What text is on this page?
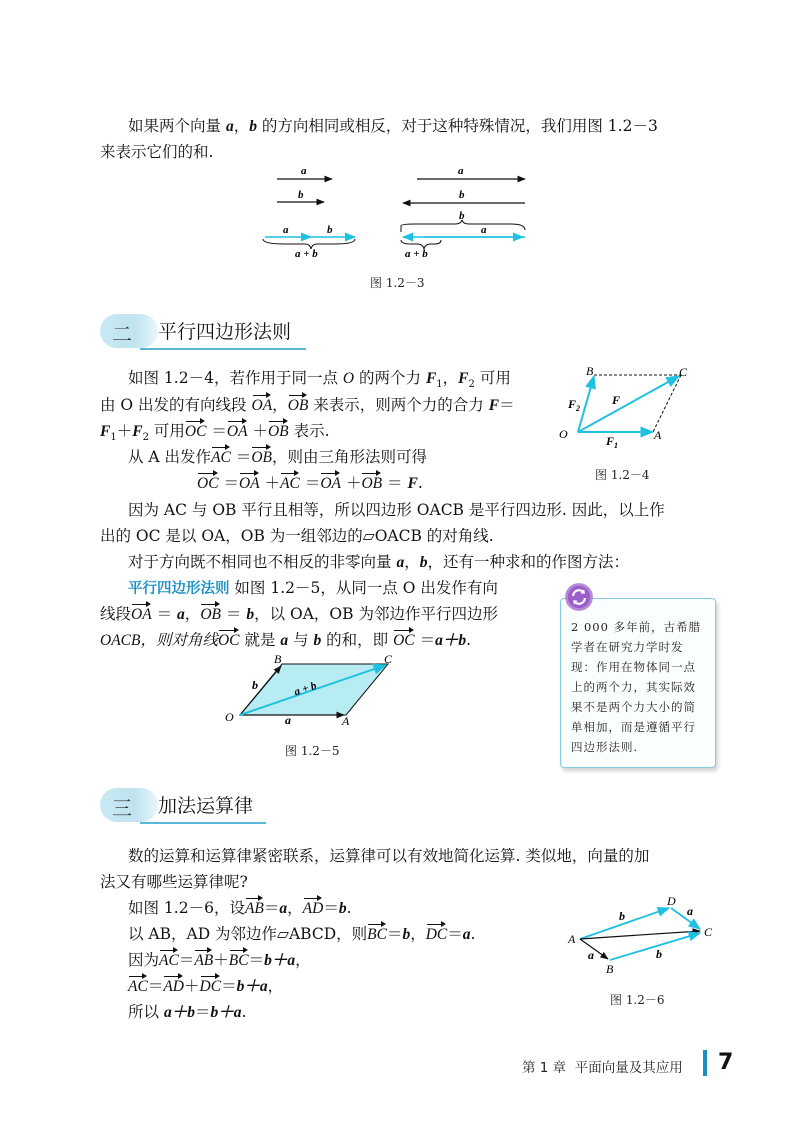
如果两个向量 a，b 的方向相同或相反，对于这种特殊情况，我们用图 1.2－3
来表示它们的和.
a
b
a	b
a + b
a
b
b
a
a + b
图 1.2－3
二 平行四边形法则
如图 1.2－4，若作用于同一点 O 的两个力 $F_1$，$F_2$ 可用
由 O 出发的有向线段 OA，OB 来表示，则两个力的合力 F＝
$F_1+F_2$ 可用OC ＝OA ＋OB 表示.
B	C
O	A
F
$F_2$
$F_1$
图 1.2－4
从 A 出发作AC ＝OB，则由三角形法则可得
OC ＝OA ＋AC ＝OA ＋OB ＝ F.
因为 AC 与 OB 平行且相等，所以四边形 OACB 是平行四边形. 因此，以上作
出的 OC 是以 OA，OB 为一组邻边的▱OACB 的对角线.
对于方向既不相同也不相反的非零向量 a，b，还有一种求和的作图方法：
平行四边形法则 如图 1.2－5，从同一点 O 出发作有向
线段OA ＝ a，OB ＝ b，以 OA，OB 为邻边作平行四边形
OACB，则对角线OC 就是 a 与 b 的和，即 OC ＝a＋b.
B	C
O	A
a
b	a + b
图 1.2－5
2 000 多年前，古希腊学者在研究力学时发现：作用在物体同一点上的两个力，其实际效果不是两个力大小的简单相加，而是遵循平行四边形法则.
三 加法运算律
数的运算和运算律紧密联系，运算律可以有效地简化运算. 类似地，向量的加
法又有哪些运算律呢?
如图 1.2－6，设AB＝a，AD＝b.
以 AB，AD 为邻边作▱ABCD，则BC＝b，DC＝a.
因为AC＝AB＋BC＝b＋a，
AC＝AD＋DC＝b＋a，
所以 a＋b＝b＋a.
D
A	C
B
b	a
a	b
图 1.2－6
第 1 章 平面向量及其应用 7
